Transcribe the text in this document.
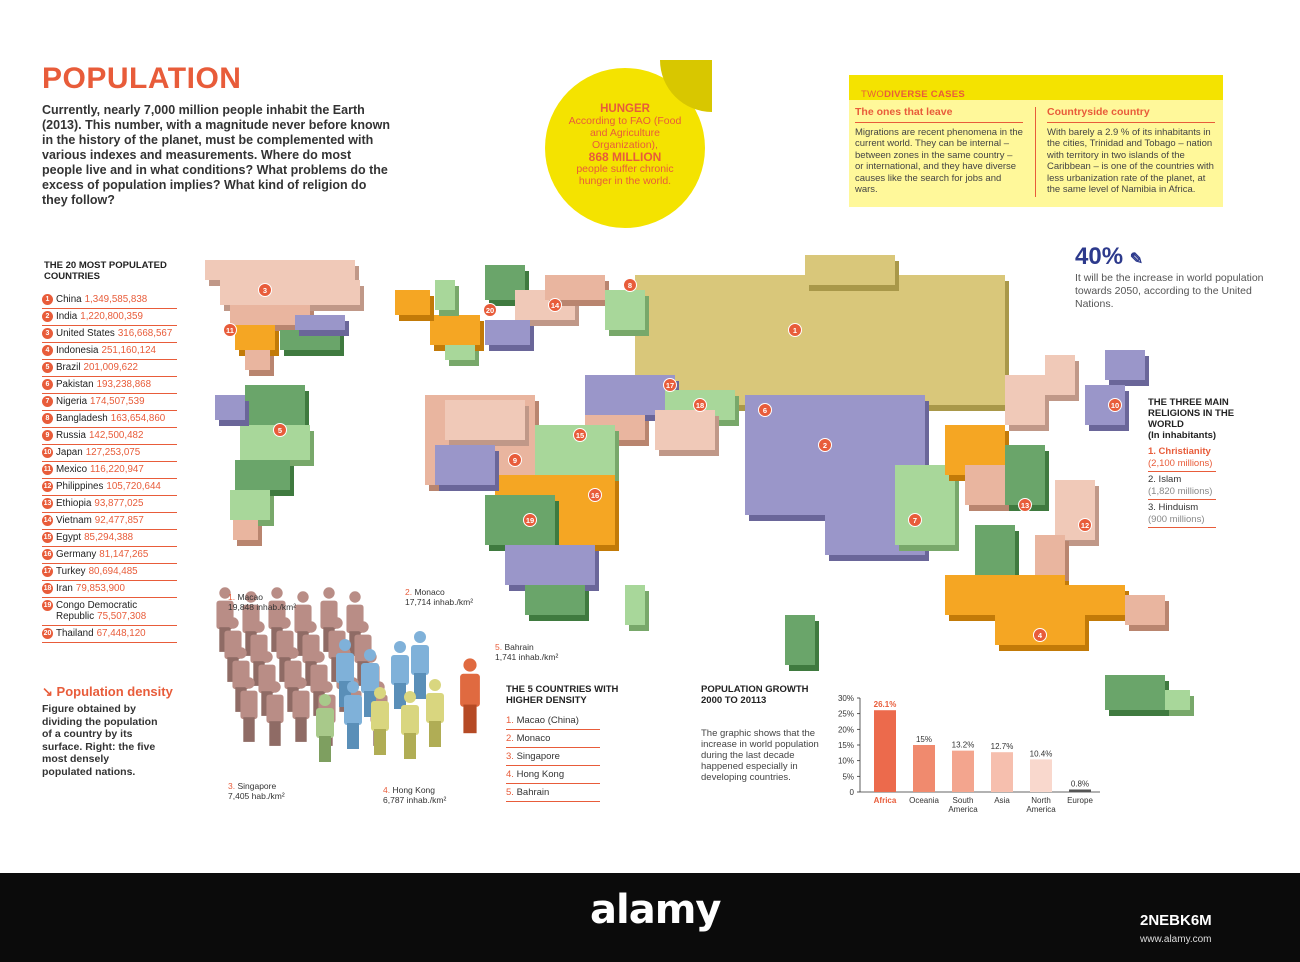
POPULATION
Currently, nearly 7,000 million people inhabit the Earth (2013). This number, with a magnitude never before known in the history of the planet, must be complemented with various indexes and measurements. Where do most people live and in what conditions? What problems do the excess of population implies? What kind of religion do they follow?
HUNGER
According to FAO (Food and Agriculture Organization),
868 MILLION
people suffer chronic hunger in the world.
TWODIVERSE CASES
The ones that leave
Migrations are recent phenomena in the current world. They can be internal – between zones in the same country – or international, and they have diverse causes like the search for jobs and wars.
Countryside country
With barely a 2.9 % of its inhabitants in the cities, Trinidad and Tobago – nation with territory in two islands of the Caribbean – is one of the countries with less urbanization rate of the planet, at the same level of Namibia in Africa.
40% ✎
It will be the increase in world population towards 2050, according to the United Nations.
THE 20 MOST POPULATED COUNTRIES
1 China 1,349,585,838
2 India 1,220,800,359
3 United States 316,668,567
4 Indonesia 251,160,124
5 Brazil 201,009,622
6 Pakistan 193,238,868
7 Nigeria 174,507,539
8 Bangladesh 163,654,860
9 Russia 142,500,482
10 Japan 127,253,075
11 Mexico 116,220,947
12 Philippines 105,720,644
13 Ethiopia 93,877,025
14 Vietnam 92,477,857
15 Egypt 85,294,388
16 Germany 81,147,265
17 Turkey 80,694,485
18 Iran 79,853,900
19 Congo Democratic Republic 75,507,308
20 Thailand 67,448,120
1
2
3
4
5
6
7
8
9
10
11
12
13
14
15
16
17
18
19
20
1. Macao
19,848 inhab./km²
2. Monaco
17,714 inhab./km²
3. Singapore
7,405 hab./km²
4. Hong Kong
6,787 inhab./km²
5. Bahrain
1,741 inhab./km²
↘ Population density
Figure obtained by dividing the population of a country by its surface. Right: the five most densely populated nations.
THE 5 COUNTRIES WITH HIGHER DENSITY
1. Macao (China)
2. Monaco
3. Singapore
4. Hong Kong
5. Bahrain
THE THREE MAIN RELIGIONS IN THE WORLD
(In inhabitants)
1. Christianity
(2,100 millions)
2. Islam
(1,820 millions)
3. Hinduism
(900 millions)
POPULATION GROWTH 2000 TO 20113
The graphic shows that the increase in world population during the last decade happened especially in developing countries.
0
5%
10%
15%
20%
25%
30%
26.1%
Africa
15%
Oceania
13.2%
South America
12.7%
Asia
10.4%
North America
0.8%
Europe
alamy	2NEBK6M
www.alamy.com
